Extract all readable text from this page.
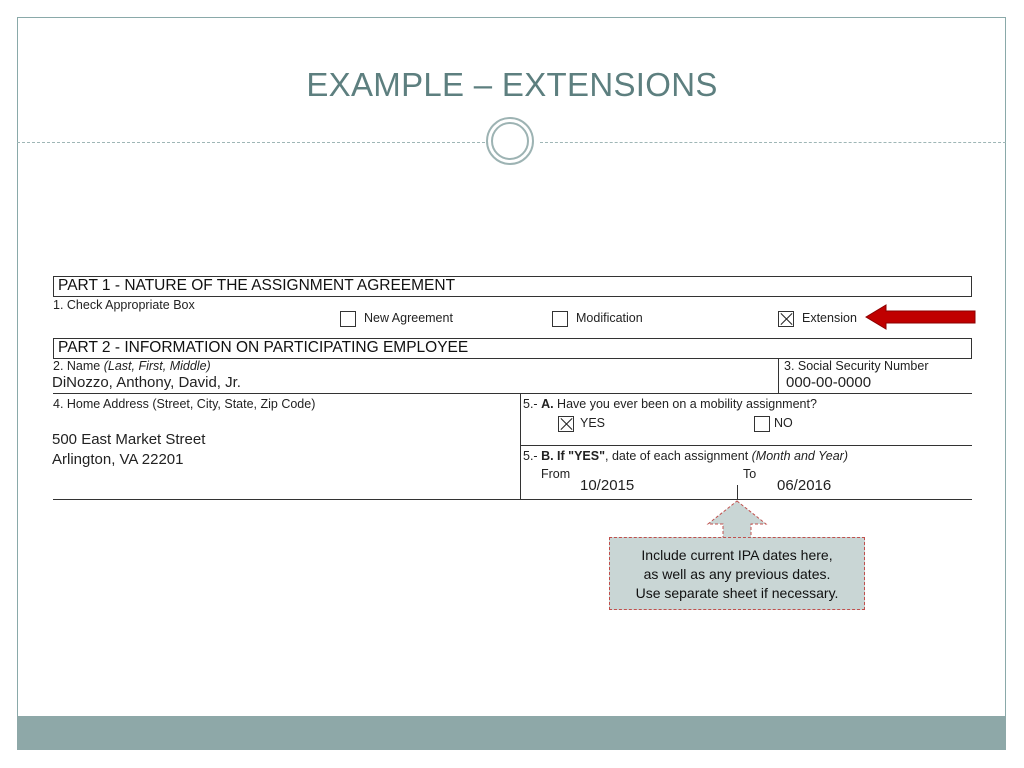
EXAMPLE – EXTENSIONS
PART 1 - NATURE OF THE ASSIGNMENT AGREEMENT
1. Check Appropriate Box
New Agreement	Modification	Extension
PART 2 - INFORMATION ON PARTICIPATING EMPLOYEE
2. Name (Last, First, Middle)
DiNozzo, Anthony, David, Jr.
3. Social Security Number
000-00-0000
4. Home Address (Street, City, State, Zip Code)
500 East Market Street
Arlington, VA 22201
5.- A. Have you ever been on a mobility assignment?
YES	NO
5.- B. If "YES", date of each assignment (Month and Year)
From
10/2015
To
06/2016
Include current IPA dates here,
as well as any previous dates.
Use separate sheet if necessary.
